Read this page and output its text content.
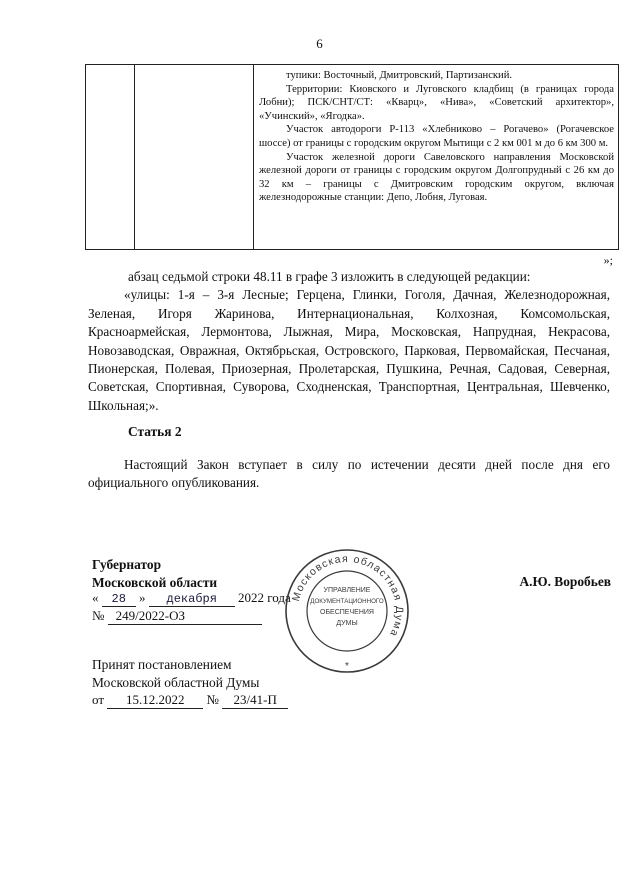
6

тупики: Восточный, Дмитровский, Партизанский.

Территории: Киовского и Луговского кладбищ (в границах города Лобни); ПСК/СНТ/СТ: «Кварц», «Нива», «Советский архитектор», «Учинский», «Ягодка».

Участок автодороги Р-113 «Хлебниково – Рогачево» (Рогачевское шоссе) от границы с городским округом Мытищи с 2 км 001 м до 6 км 300 м.

Участок железной дороги Савеловского направления Московской железной дороги от границы с городским округом Долгопрудный с 26 км до 32 км – границы с Дмитровским городским округом, включая железнодорожные станции: Депо, Лобня, Луговая.

»;

абзац седьмой строки 48.11 в графе 3 изложить в следующей редакции:

«улицы: 1-я – 3-я Лесные; Герцена, Глинки, Гоголя, Дачная, Железнодорожная, Зеленая, Игоря Жаринова, Интернациональная, Колхозная, Комсомольская, Красноармейская, Лермонтова, Лыжная, Мира, Московская, Напрудная, Некрасова, Новозаводская, Овражная, Октябрьская, Островского, Парковая, Первомайская, Песчаная, Пионерская, Полевая, Приозерная, Пролетарская, Пушкина, Речная, Садовая, Северная, Советская, Спортивная, Суворова, Сходненская, Транспортная, Центральная, Шевченко, Школьная;».

Статья 2

Настоящий Закон вступает в силу по истечении десяти дней после дня его официального опубликования.

Губернатор
Московской области	А.Ю. Воробьев
« 28 » декабря 2022 года
№ 249/2022-ОЗ
Принят постановлением
Московской областной Думы
от 15.12.2022 № 23/41-П
Московская областная Дума
УПРАВЛЕНИЕ
ДОКУМЕНТАЦИОННОГО
ОБЕСПЕЧЕНИЯ
ДУМЫ
*
